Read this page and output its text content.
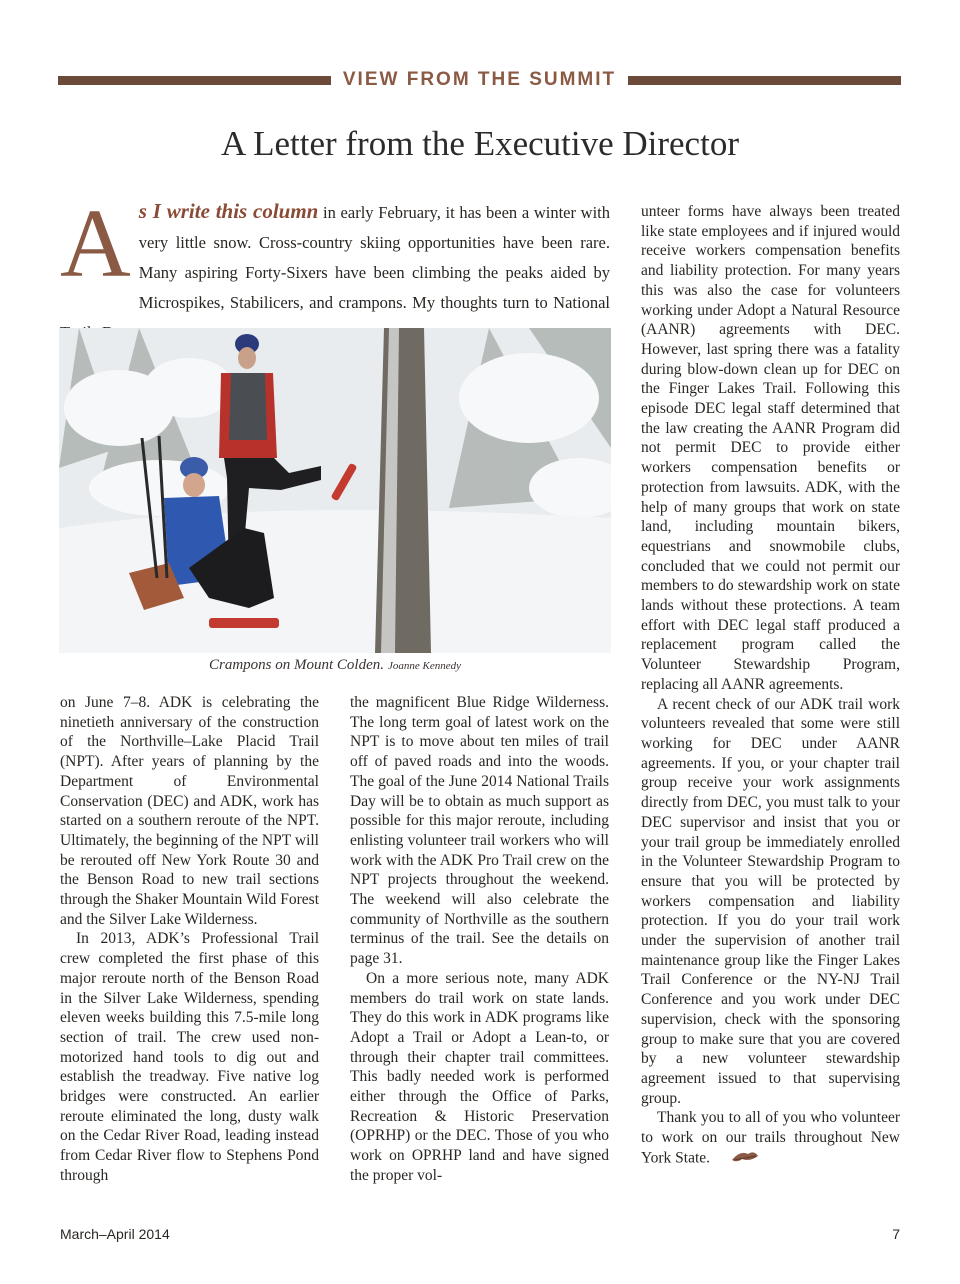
VIEW FROM THE SUMMIT
A Letter from the Executive Director
A s I write this column in early February, it has been a winter with very little snow. Cross-country skiing opportunities have been rare. Many aspiring Forty-Sixers have been climbing the peaks aided by Microspikes, Stabilicers, and crampons. My thoughts turn to National
Crampons on Mount Colden. Joanne Kennedy

on June 7–8. ADK is celebrating the ninetieth anniversary of the construction of the Northville–Lake Placid Trail (NPT). After years of planning by the Department of Environmental Conservation (DEC) and ADK, work has started on a southern reroute of the NPT. Ultimately, the beginning of the NPT will be rerouted off New York Route 30 and the Benson Road to new trail sections through the Shaker Mountain Wild Forest and the Silver Lake Wilderness.

In 2013, ADK’s Professional Trail crew completed the first phase of this major reroute north of the Benson Road in the Silver Lake Wilderness, spending eleven weeks building this 7.5-mile long section of trail. The crew used non-motorized hand tools to dig out and establish the treadway. Five native log bridges were constructed. An earlier reroute eliminated the long, dusty walk on the Cedar River Road, leading instead from Cedar River flow to Stephens Pond through

the magnificent Blue Ridge Wilderness. The long term goal of latest work on the NPT is to move about ten miles of trail off of paved roads and into the woods. The goal of the June 2014 National Trails Day will be to obtain as much support as possible for this major reroute, including enlisting volunteer trail workers who will work with the ADK Pro Trail crew on the NPT projects throughout the weekend. The weekend will also celebrate the community of Northville as the southern terminus of the trail. See the details on page 31.

On a more serious note, many ADK members do trail work on state lands. They do this work in ADK programs like Adopt a Trail or Adopt a Lean-to, or through their chapter trail committees. This badly needed work is performed either through the Office of Parks, Recreation & Historic Preservation (OPRHP) or the DEC. Those of you who work on OPRHP land and have signed the proper vol-

unteer forms have always been treated like state employees and if injured would receive workers compensation benefits and liability protection. For many years this was also the case for volunteers working under Adopt a Natural Resource (AANR) agreements with DEC. However, last spring there was a fatality during blow-down clean up for DEC on the Finger Lakes Trail. Following this episode DEC legal staff determined that the law creating the AANR Program did not permit DEC to provide either workers compensation benefits or protection from lawsuits. ADK, with the help of many groups that work on state land, including mountain bikers, equestrians and snowmobile clubs, concluded that we could not permit our members to do stewardship work on state lands without these protections. A team effort with DEC legal staff produced a replacement program called the Volunteer Stewardship Program, replacing all AANR agreements.

A recent check of our ADK trail work volunteers revealed that some were still working for DEC under AANR agreements. If you, or your chapter trail group receive your work assignments directly from DEC, you must talk to your DEC supervisor and insist that you or your trail group be immediately enrolled in the Volunteer Stewardship Program to ensure that you will be protected by workers compensation and liability protection. If you do your trail work under the supervision of another trail maintenance group like the Finger Lakes Trail Conference or the NY-NJ Trail Conference and you work under DEC supervision, check with the sponsoring group to make sure that you are covered by a new volunteer stewardship agreement issued to that supervising group.

Thank you to all of you who volunteer to work on our trails throughout New York State.

March–April 2014	7
